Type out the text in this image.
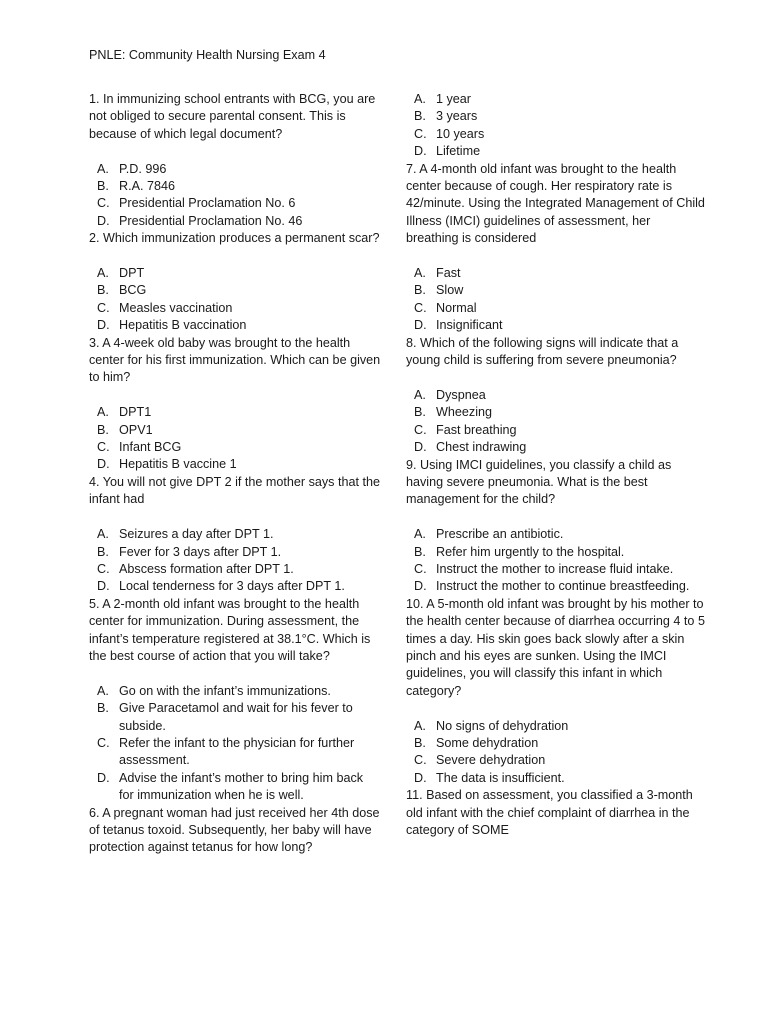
PNLE: Community Health Nursing Exam 4

1. In immunizing school entrants with BCG, you are not obliged to secure parental consent. This is because of which legal document?

A. P.D. 996
B. R.A. 7846
C. Presidential Proclamation No. 6
D. Presidential Proclamation No. 46

2. Which immunization produces a permanent scar?

A. DPT
B. BCG
C. Measles vaccination
D. Hepatitis B vaccination

3. A 4-week old baby was brought to the health center for his first immunization. Which can be given to him?

A. DPT1
B. OPV1
C. Infant BCG
D. Hepatitis B vaccine 1

4. You will not give DPT 2 if the mother says that the infant had

A. Seizures a day after DPT 1.
B. Fever for 3 days after DPT 1.
C. Abscess formation after DPT 1.
D. Local tenderness for 3 days after DPT 1.

5. A 2-month old infant was brought to the health center for immunization. During assessment, the infant’s temperature registered at 38.1°C. Which is the best course of action that you will take?

A. Go on with the infant’s immunizations.
B. Give Paracetamol and wait for his fever to subside.
C. Refer the infant to the physician for further assessment.
D. Advise the infant’s mother to bring him back for immunization when he is well.

6. A pregnant woman had just received her 4th dose of tetanus toxoid. Subsequently, her baby will have protection against tetanus for how long?

A. 1 year
B. 3 years
C. 10 years
D. Lifetime

7. A 4-month old infant was brought to the health center because of cough. Her respiratory rate is 42/minute. Using the Integrated Management of Child Illness (IMCI) guidelines of assessment, her breathing is considered

A. Fast
B. Slow
C. Normal
D. Insignificant

8. Which of the following signs will indicate that a young child is suffering from severe pneumonia?

A. Dyspnea
B. Wheezing
C. Fast breathing
D. Chest indrawing

9. Using IMCI guidelines, you classify a child as having severe pneumonia. What is the best management for the child?

A. Prescribe an antibiotic.
B. Refer him urgently to the hospital.
C. Instruct the mother to increase fluid intake.
D. Instruct the mother to continue breastfeeding.

10. A 5-month old infant was brought by his mother to the health center because of diarrhea occurring 4 to 5 times a day. His skin goes back slowly after a skin pinch and his eyes are sunken. Using the IMCI guidelines, you will classify this infant in which category?

A. No signs of dehydration
B. Some dehydration
C. Severe dehydration
D. The data is insufficient.

11. Based on assessment, you classified a 3-month old infant with the chief complaint of diarrhea in the category of SOME
